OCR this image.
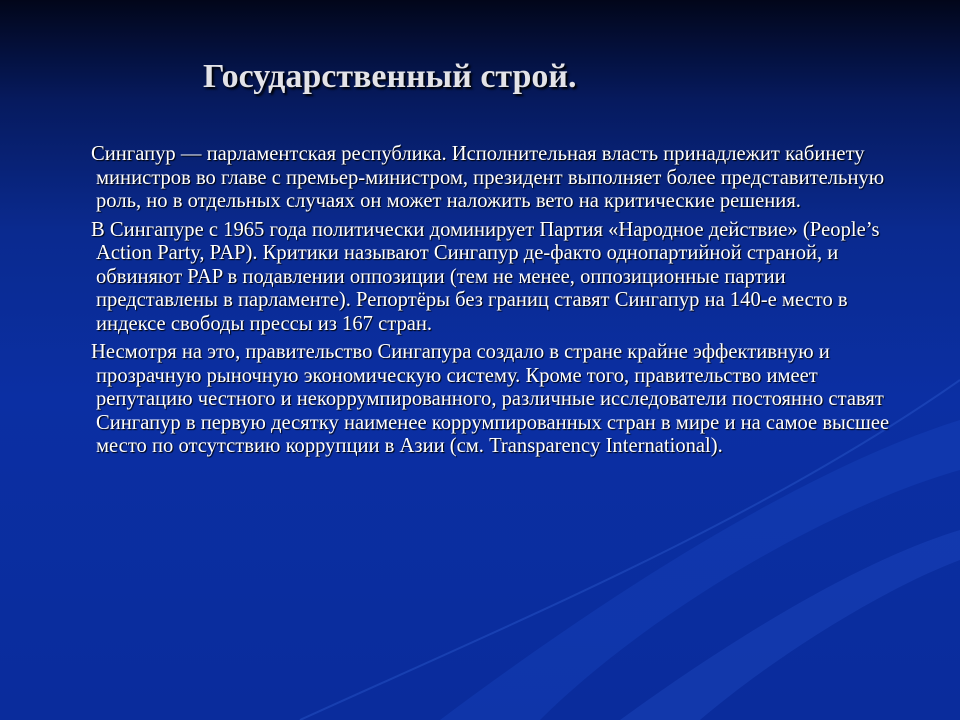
Государственный строй.

Сингапур — парламентская республика. Исполнительная власть принадлежит кабинету министров во главе с премьер-министром, президент выполняет более представительную роль, но в отдельных случаях он может наложить вето на критические решения.

В Сингапуре с 1965 года политически доминирует Партия «Народное действие» (People’s Action Party, PAP). Критики называют Сингапур де-факто однопартийной страной, и обвиняют PAP в подавлении оппозиции (тем не менее, оппозиционные партии представлены в парламенте). Репортёры без границ ставят Сингапур на 140-е место в индексе свободы прессы из 167 стран.

Несмотря на это, правительство Сингапура создало в стране крайне эффективную и прозрачную рыночную экономическую систему. Кроме того, правительство имеет репутацию честного и некоррумпированного, различные исследователи постоянно ставят Сингапур в первую десятку наименее коррумпированных стран в мире и на самое высшее место по отсутствию коррупции в Азии (см. Transparency International).
